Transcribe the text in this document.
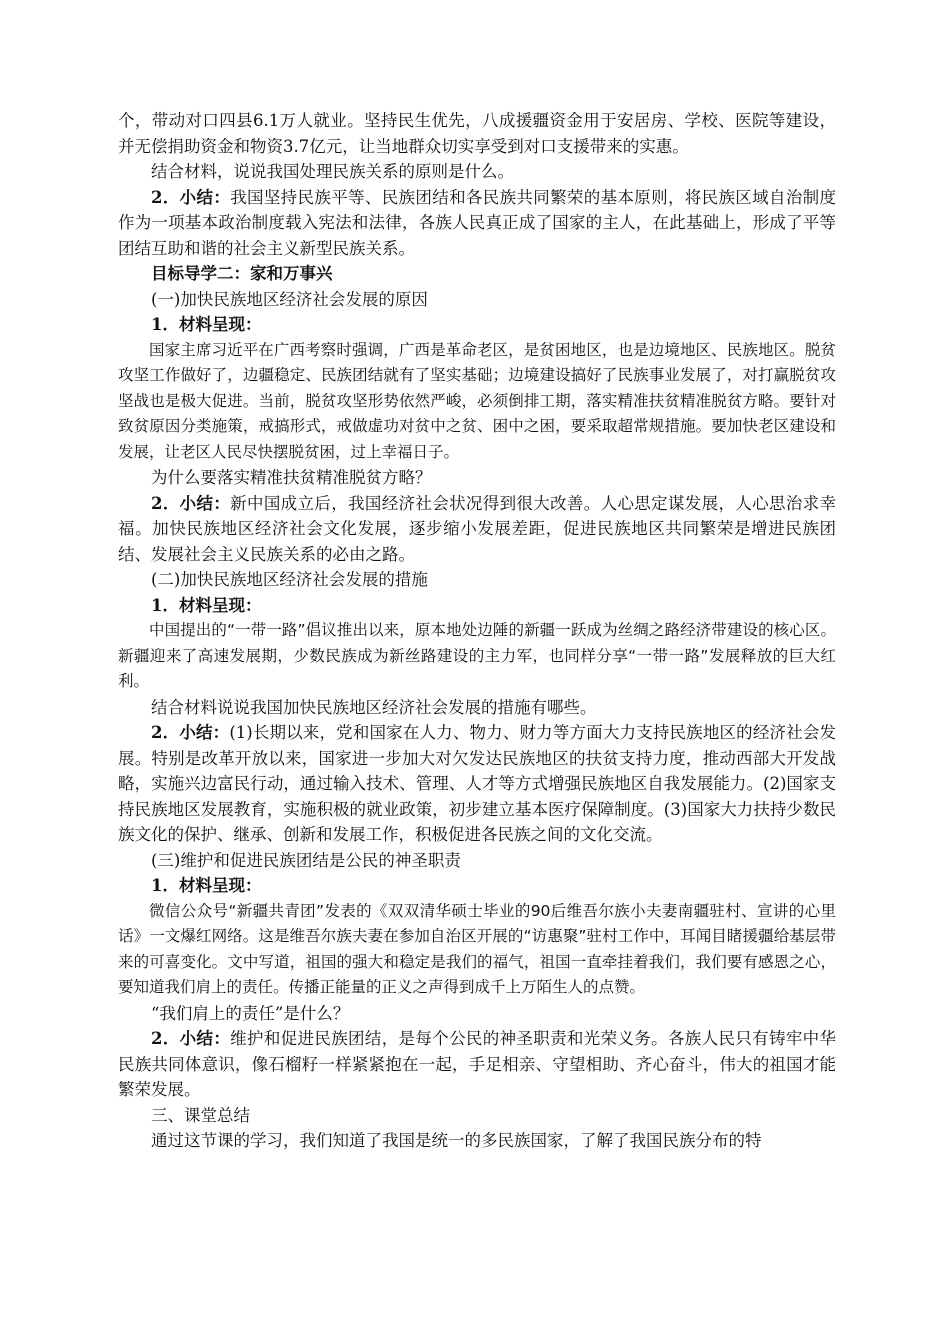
个，带动对口四县6.1万人就业。坚持民生优先，八成援疆资金用于安居房、学校、医院等建设，并无偿捐助资金和物资3.7亿元，让当地群众切实享受到对口支援带来的实惠。

结合材料，说说我国处理民族关系的原则是什么。

2．小结：我国坚持民族平等、民族团结和各民族共同繁荣的基本原则，将民族区域自治制度作为一项基本政治制度载入宪法和法律，各族人民真正成了国家的主人，在此基础上，形成了平等团结互助和谐的社会主义新型民族关系。

目标导学二：家和万事兴

(一)加快民族地区经济社会发展的原因

1．材料呈现：

国家主席习近平在广西考察时强调，广西是革命老区，是贫困地区，也是边境地区、民族地区。脱贫攻坚工作做好了，边疆稳定、民族团结就有了坚实基础；边境建设搞好了民族事业发展了，对打赢脱贫攻坚战也是极大促进。当前，脱贫攻坚形势依然严峻，必须倒排工期，落实精准扶贫精准脱贫方略。要针对致贫原因分类施策，戒搞形式，戒做虚功对贫中之贫、困中之困，要采取超常规措施。要加快老区建设和发展，让老区人民尽快摆脱贫困，过上幸福日子。

为什么要落实精准扶贫精准脱贫方略？

2．小结：新中国成立后，我国经济社会状况得到很大改善。人心思定谋发展，人心思治求幸福。加快民族地区经济社会文化发展，逐步缩小发展差距，促进民族地区共同繁荣是增进民族团结、发展社会主义民族关系的必由之路。

(二)加快民族地区经济社会发展的措施

1．材料呈现：

中国提出的“一带一路”倡议推出以来，原本地处边陲的新疆一跃成为丝绸之路经济带建设的核心区。新疆迎来了高速发展期，少数民族成为新丝路建设的主力军，也同样分享“一带一路”发展释放的巨大红利。

结合材料说说我国加快民族地区经济社会发展的措施有哪些。

2．小结：(1)长期以来，党和国家在人力、物力、财力等方面大力支持民族地区的经济社会发展。特别是改革开放以来，国家进一步加大对欠发达民族地区的扶贫支持力度，推动西部大开发战略，实施兴边富民行动，通过输入技术、管理、人才等方式增强民族地区自我发展能力。(2)国家支持民族地区发展教育，实施积极的就业政策，初步建立基本医疗保障制度。(3)国家大力扶持少数民族文化的保护、继承、创新和发展工作，积极促进各民族之间的文化交流。

(三)维护和促进民族团结是公民的神圣职责

1．材料呈现：

微信公众号“新疆共青团”发表的《双双清华硕士毕业的90后维吾尔族小夫妻南疆驻村、宣讲的心里话》一文爆红网络。这是维吾尔族夫妻在参加自治区开展的“访惠聚”驻村工作中，耳闻目睹援疆给基层带来的可喜变化。文中写道，祖国的强大和稳定是我们的福气，祖国一直牵挂着我们，我们要有感恩之心，要知道我们肩上的责任。传播正能量的正义之声得到成千上万陌生人的点赞。

“我们肩上的责任”是什么？

2．小结：维护和促进民族团结，是每个公民的神圣职责和光荣义务。各族人民只有铸牢中华民族共同体意识，像石榴籽一样紧紧抱在一起，手足相亲、守望相助、齐心奋斗，伟大的祖国才能繁荣发展。

三、课堂总结

通过这节课的学习，我们知道了我国是统一的多民族国家，了解了我国民族分布的特
